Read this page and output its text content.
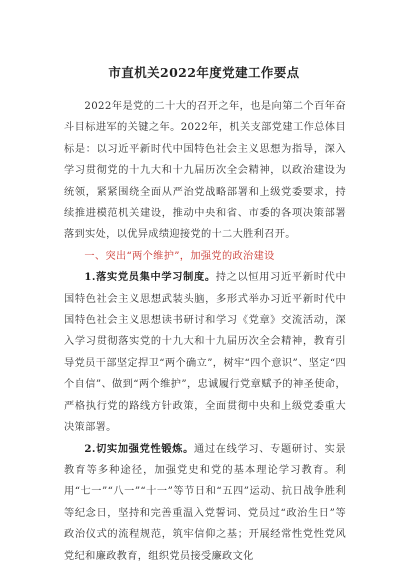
市直机关2022年度党建工作要点

2022年是党的二十大的召开之年，也是向第二个百年奋斗目标进军的关键之年。2022年，机关支部党建工作总体目标是：以习近平新时代中国特色社会主义思想为指导，深入学习贯彻党的十九大和十九届历次全会精神，以政治建设为统领，紧紧围绕全面从严治党战略部署和上级党委要求，持续推进模范机关建设，推动中央和省、市委的各项决策部署落到实处，以优异成绩迎接党的十二大胜利召开。

一、突出“两个维护”，加强党的政治建设

1.落实党员集中学习制度。持之以恒用习近平新时代中国特色社会主义思想武装头脑，多形式举办习近平新时代中国特色社会主义思想读书研讨和学习《党章》交流活动，深入学习贯彻落实党的十九大和十九届历次全会精神，教育引导党员干部坚定捍卫“两个确立”，树牢“四个意识”、坚定“四个自信”、做到“两个维护”，忠诚履行党章赋予的神圣使命，严格执行党的路线方针政策，全面贯彻中央和上级党委重大决策部署。

2.切实加强党性锻炼。通过在线学习、专题研讨、实景教育等多种途径，加强党史和党的基本理论学习教育。利用“七一”“八一”“十一”等节日和“五四”运动、抗日战争胜利等纪念日，坚持和完善重温入党誓词、党员过“政治生日”等政治仪式的流程规范，筑牢信仰之基；开展经常性党性党风党纪和廉政教育，组织党员接受廉政文化
